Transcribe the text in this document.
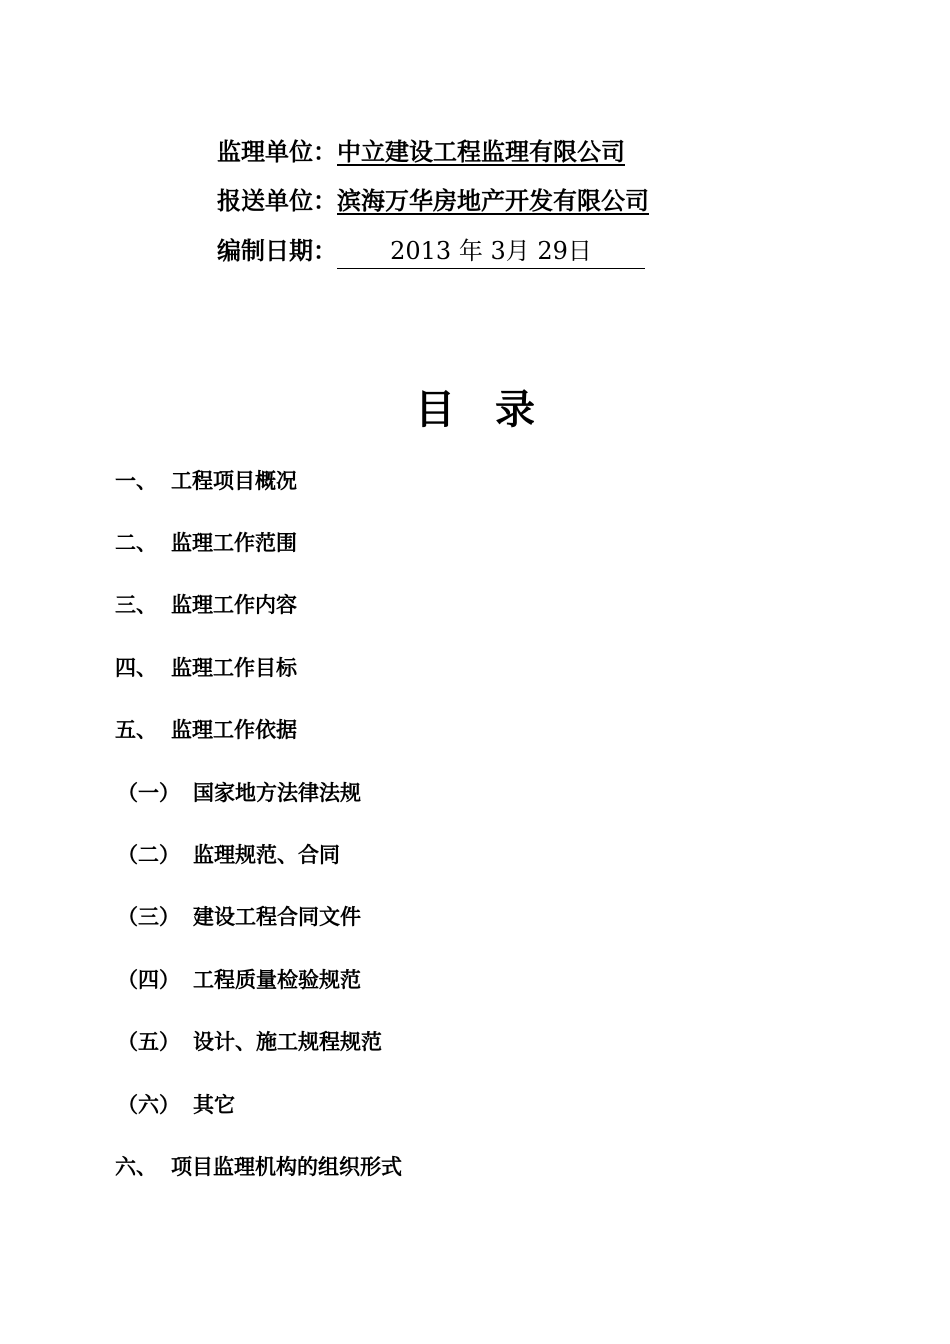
监理单位：中立建设工程监理有限公司
报送单位：滨海万华房地产开发有限公司
编制日期： 2013 年 3月 29日
目录
一、 工程项目概况
二、 监理工作范围
三、 监理工作内容
四、 监理工作目标
五、 监理工作依据
（一） 国家地方法律法规
（二） 监理规范、合同
（三） 建设工程合同文件
（四） 工程质量检验规范
（五） 设计、施工规程规范
（六） 其它
六、 项目监理机构的组织形式
